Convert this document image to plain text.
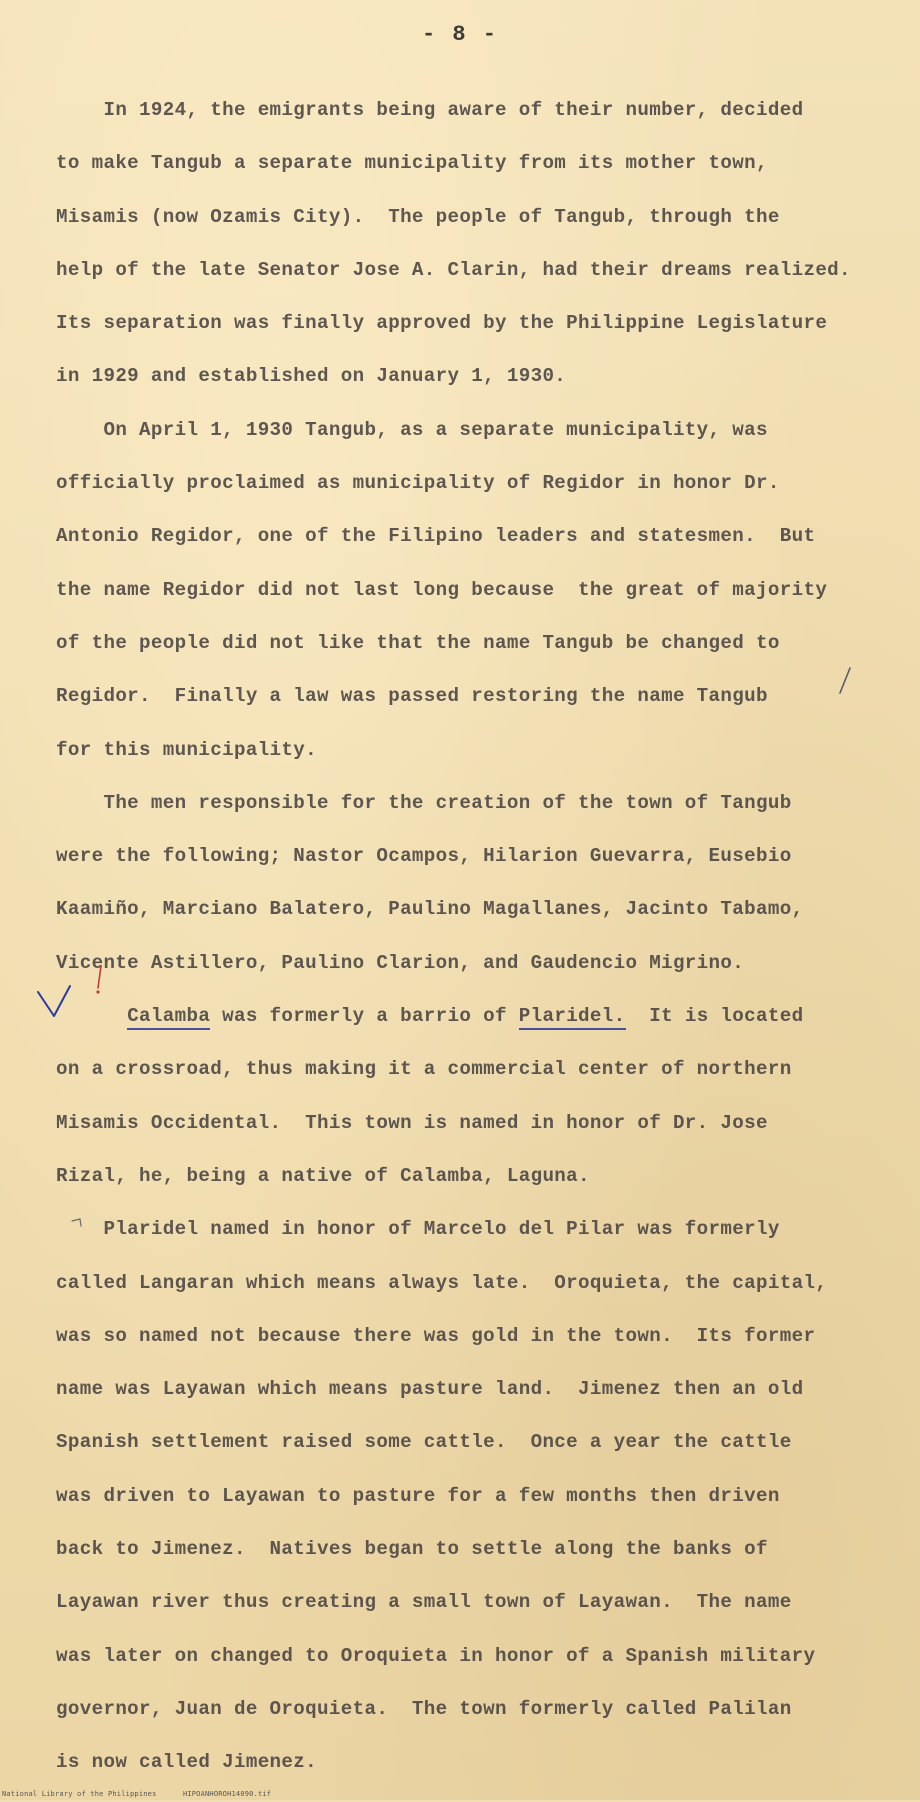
- 8 -
In 1924, the emigrants being aware of their number, decided
to make Tangub a separate municipality from its mother town,
Misamis (now Ozamis City).  The people of Tangub, through the
help of the late Senator Jose A. Clarin, had their dreams realized.
Its separation was finally approved by the Philippine Legislature
in 1929 and established on January 1, 1930.
On April 1, 1930 Tangub, as a separate municipality, was
officially proclaimed as municipality of Regidor in honor Dr.
Antonio Regidor, one of the Filipino leaders and statesmen.  But
the name Regidor did not last long because  the great of majority
of the people did not like that the name Tangub be changed to
Regidor.  Finally a law was passed restoring the name Tangub
for this municipality.
The men responsible for the creation of the town of Tangub
were the following; Nastor Ocampos, Hilarion Guevarra, Eusebio
Kaamiño, Marciano Balatero, Paulino Magallanes, Jacinto Tabamo,
Vicente Astillero, Paulino Clarion, and Gaudencio Migrino.
Calamba was formerly a barrio of Plaridel.  It is located
on a crossroad, thus making it a commercial center of northern
Misamis Occidental.  This town is named in honor of Dr. Jose
Rizal, he, being a native of Calamba, Laguna.
Plaridel named in honor of Marcelo del Pilar was formerly
called Langaran which means always late.  Oroquieta, the capital,
was so named not because there was gold in the town.  Its former
name was Layawan which means pasture land.  Jimenez then an old
Spanish settlement raised some cattle.  Once a year the cattle
was driven to Layawan to pasture for a few months then driven
back to Jimenez.  Natives began to settle along the banks of
Layawan river thus creating a small town of Layawan.  The name
was later on changed to Oroquieta in honor of a Spanish military
governor, Juan de Oroquieta.  The town formerly called Palilan
is now called Jimenez.
National Library of the Philippines	HIPOANHOROH14090.tif
